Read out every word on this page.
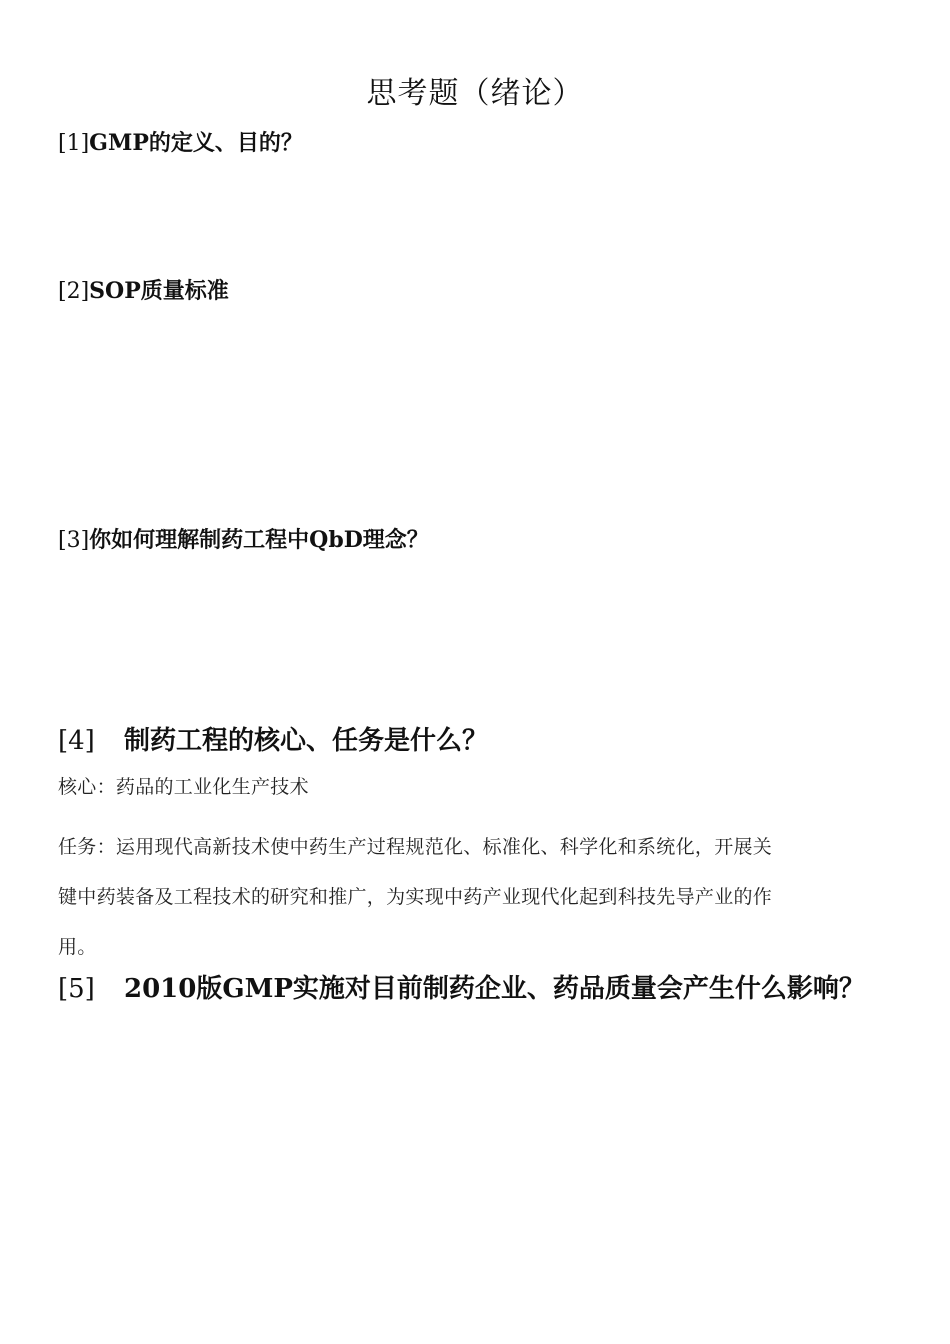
思考题（绪论）

[1]GMP的定义、目的？

[2]SOP质量标准

[3]你如何理解制药工程中QbD理念？

[4] 制药工程的核心、任务是什么？

核心：药品的工业化生产技术
任务：运用现代高新技术使中药生产过程规范化、标准化、科学化和系统化，开展关
键中药装备及工程技术的研究和推广，为实现中药产业现代化起到科技先导产业的作
用。

[5] 2010版GMP实施对目前制药企业、药品质量会产生什么影响？
